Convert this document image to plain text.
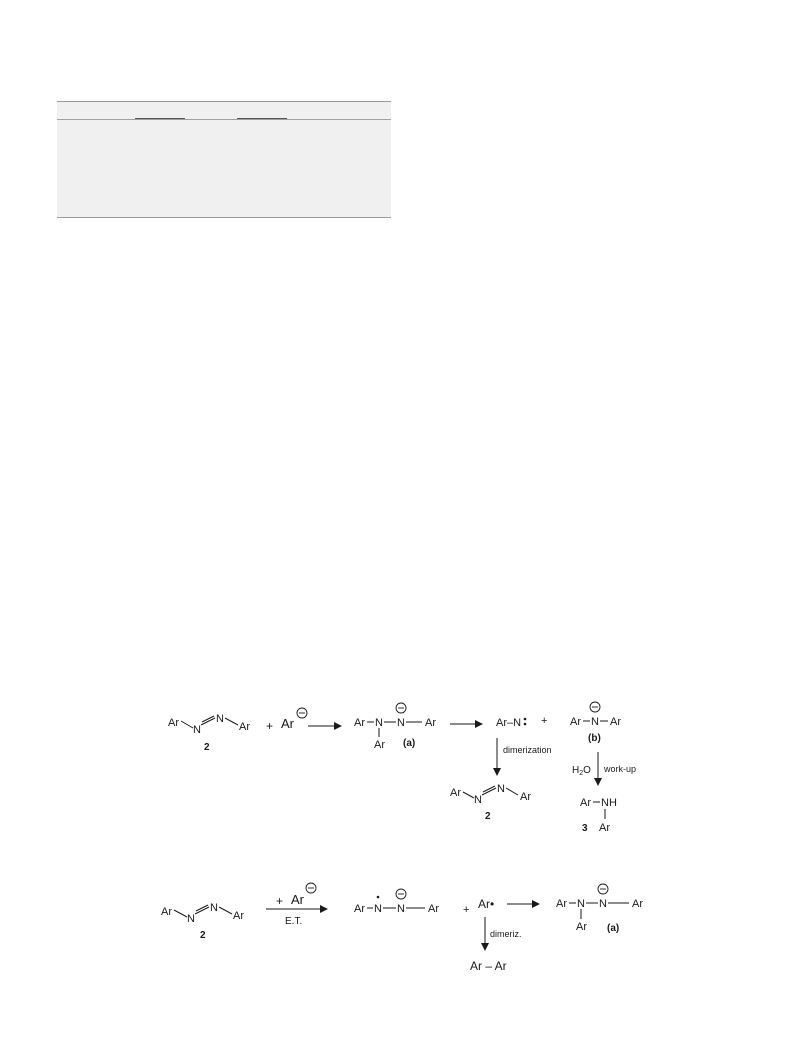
Ar
N
N
Ar
2
+ Ar	Ar N N Ar
Ar (a)
Ar–N + Ar N Ar
(b)
dimerization
$H_2O$ work-up
Ar
N
N
Ar
2
Ar NH
Ar
3
Ar
N
N
Ar
2
+ Ar
E.T.
Ar N N Ar + Ar•
dimeriz.
Ar – Ar
Ar N N Ar
Ar (a)
